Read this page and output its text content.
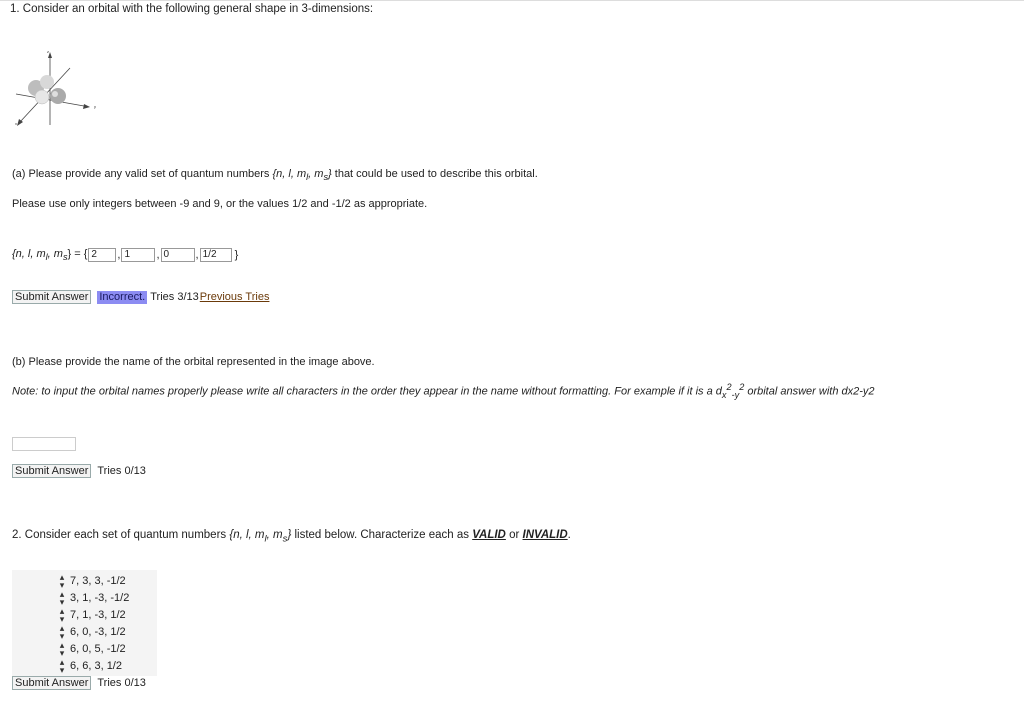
1. Consider an orbital with the following general shape in 3-dimensions:
z
y
x
(a) Please provide any valid set of quantum numbers {n, l, $m_l$, $m_s$} that could be used to describe this orbital.
Please use only integers between -9 and 9, or the values 1/2 and -1/2 as appropriate.
{n, l, $m_l$, $m_s$} = { 2	, 1	, 0	, 1/2	}
Submit Answer Incorrect. Tries 3/13 Previous Tries
(b) Please provide the name of the orbital represented in the image above.
Note: to input the orbital names properly please write all characters in the order they appear in the name without formatting. For example if it is a $d_x^2_{-y}^2$ orbital answer with dx2-y2
Submit Answer Tries 0/13
2. Consider each set of quantum numbers {n, l, $m_l$, $m_s$} listed below. Characterize each as VALID or INVALID.
▴
▾ 7, 3, 3, -1/2
▴
▾ 3, 1, -3, -1/2
▴
▾ 7, 1, -3, 1/2
▴
▾ 6, 0, -3, 1/2
▴
▾ 6, 0, 5, -1/2
▴
▾ 6, 6, 3, 1/2
Submit Answer Tries 0/13
